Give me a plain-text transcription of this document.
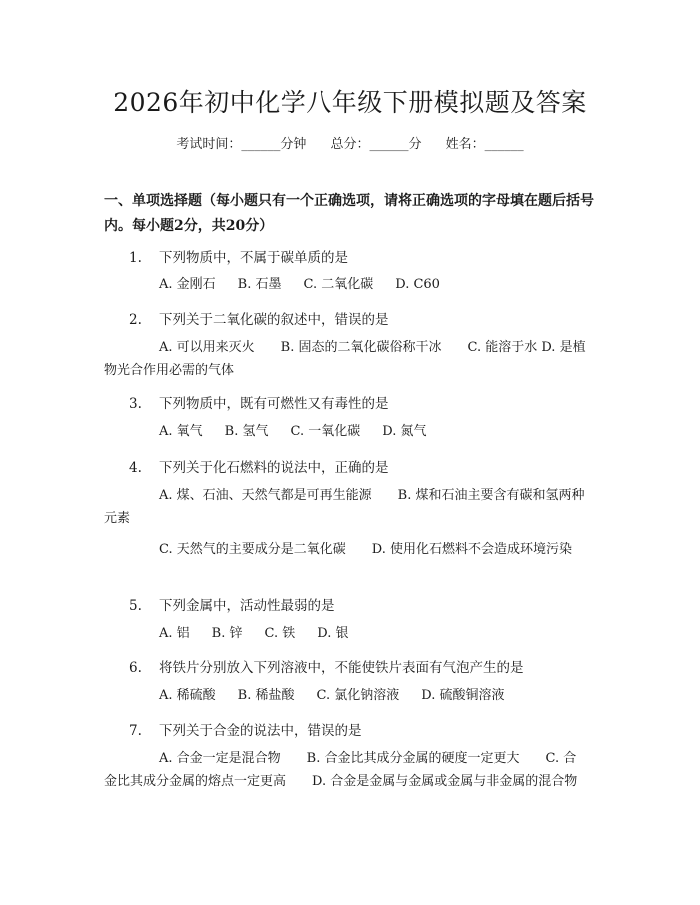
2026年初中化学八年级下册模拟题及答案
考试时间：______分钟 总分：______分 姓名：______
一、单项选择题（每小题只有一个正确选项，请将正确选项的字母填在题后括号内。每小题2分，共20分）
1. 下列物质中，不属于碳单质的是
A. 金刚石 B. 石墨 C. 二氧化碳 D. C60
2. 下列关于二氧化碳的叙述中，错误的是
A. 可以用来灭火　　B. 固态的二氧化碳俗称干冰　　C. 能溶于水 D. 是植物光合作用必需的气体
3. 下列物质中，既有可燃性又有毒性的是
A. 氧气 B. 氢气 C. 一氧化碳 D. 氮气
4. 下列关于化石燃料的说法中，正确的是
A. 煤、石油、天然气都是可再生能源　　B. 煤和石油主要含有碳和氢两种元素
C. 天然气的主要成分是二氧化碳　　D. 使用化石燃料不会造成环境污染
5. 下列金属中，活动性最弱的是
A. 铝 B. 锌 C. 铁 D. 银
6. 将铁片分别放入下列溶液中，不能使铁片表面有气泡产生的是
A. 稀硫酸 B. 稀盐酸 C. 氯化钠溶液 D. 硫酸铜溶液
7. 下列关于合金的说法中，错误的是
A. 合金一定是混合物　　B. 合金比其成分金属的硬度一定更大　　C. 合金比其成分金属的熔点一定更高　　D. 合金是金属与金属或金属与非金属的混合物
